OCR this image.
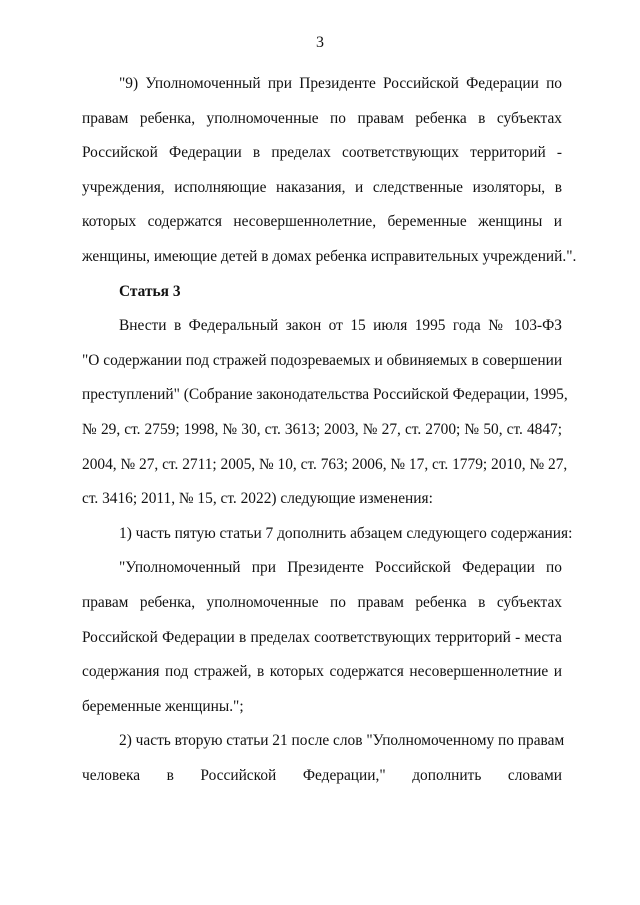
3
"9) Уполномоченный при Президенте Российской Федерации по
правам ребенка, уполномоченные по правам ребенка в субъектах
Российской Федерации в пределах соответствующих территорий -
учреждения, исполняющие наказания, и следственные изоляторы, в
которых содержатся несовершеннолетние, беременные женщины и
женщины, имеющие детей в домах ребенка исправительных учреждений.".
Статья 3
Внести в Федеральный закон от 15 июля 1995 года № 103-ФЗ
"О содержании под стражей подозреваемых и обвиняемых в совершении
преступлений" (Собрание законодательства Российской Федерации, 1995,
№ 29, ст. 2759; 1998, № 30, ст. 3613; 2003, № 27, ст. 2700; № 50, ст. 4847;
2004, № 27, ст. 2711; 2005, № 10, ст. 763; 2006, № 17, ст. 1779; 2010, № 27,
ст. 3416; 2011, № 15, ст. 2022) следующие изменения:
1) часть пятую статьи 7 дополнить абзацем следующего содержания:
"Уполномоченный при Президенте Российской Федерации по
правам ребенка, уполномоченные по правам ребенка в субъектах
Российской Федерации в пределах соответствующих территорий - места
содержания под стражей, в которых содержатся несовершеннолетние и
беременные женщины.";
2) часть вторую статьи 21 после слов "Уполномоченному по правам
человека в Российской Федерации," дополнить словами
